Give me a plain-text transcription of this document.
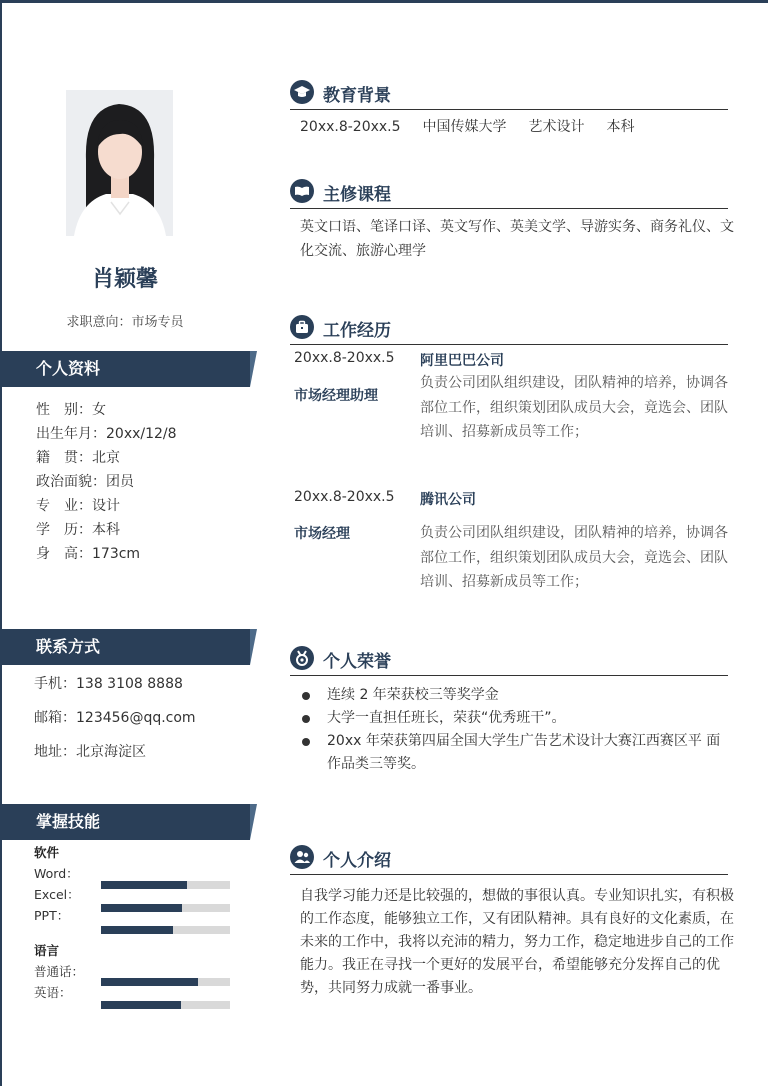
肖颖馨
求职意向：市场专员
个人资料
性　别：女
出生年月：20xx/12/8
籍　贯：北京
政治面貌：团员
专　业：设计
学　历：本科
身　高：173cm
联系方式
手机：138 3108 8888
邮箱：123456@qq.com
地址：北京海淀区
掌握技能
软件
Word：
Excel：
PPT：
语言
普通话：
英语：
教育背景
20xx.8-20xx.5 中国传媒大学 艺术设计 本科
主修课程
英文口语、笔译口译、英文写作、英美文学、导游实务、商务礼仪、文化交流、旅游心理学
工作经历
20xx.8-20xx.5 阿里巴巴公司
市场经理助理
负责公司团队组织建设，团队精神的培养，协调各部位工作，组织策划团队成员大会，竟选会、团队培训、招募新成员等工作；
20xx.8-20xx.5 腾讯公司
市场经理	负责公司团队组织建设，团队精神的培养，协调各部位工作，组织策划团队成员大会，竟选会、团队培训、招募新成员等工作；
个人荣誉
连续 2 年荣获校三等奖学金
大学一直担任班长，荣获“优秀班干”。
20xx 年荣获第四届全国大学生广告艺术设计大赛江西赛区平 面作品类三等奖。
个人介绍
自我学习能力还是比较强的，想做的事很认真。专业知识扎实，有积极的工作态度，能够独立工作，又有团队精神。具有良好的文化素质，在未来的工作中，我将以充沛的精力，努力工作，稳定地进步自己的工作能力。我正在寻找一个更好的发展平台，希望能够充分发挥自己的优势，共同努力成就一番事业。
